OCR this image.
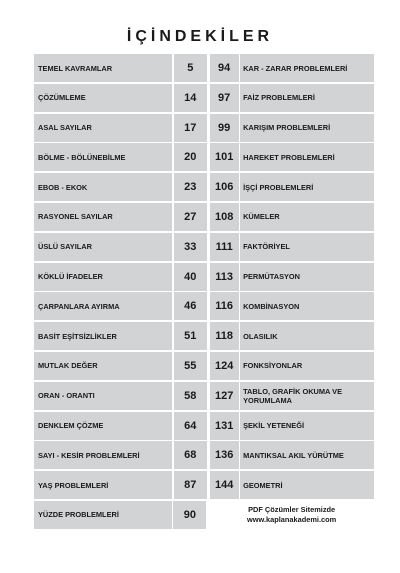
İÇİNDEKİLER
TEMEL KAVRAMLAR	5	94	KAR - ZARAR PROBLEMLERİ
ÇÖZÜMLEME	14	97	FAİZ PROBLEMLERİ
ASAL SAYILAR	17	99	KARIŞIM PROBLEMLERİ
BÖLME - BÖLÜNEBİLME	20	101	HAREKET PROBLEMLERİ
EBOB - EKOK	23	106	İŞÇİ PROBLEMLERİ
RASYONEL SAYILAR	27	108	KÜMELER
ÜSLÜ SAYILAR	33	111	FAKTÖRİYEL
KÖKLÜ İFADELER	40	113	PERMÜTASYON
ÇARPANLARA AYIRMA	46	116	KOMBİNASYON
BASİT EŞİTSİZLİKLER	51	118	OLASILIK
MUTLAK DEĞER	55	124	FONKSİYONLAR
ORAN - ORANTI	58	127	TABLO, GRAFİK OKUMA VE YORUMLAMA
DENKLEM ÇÖZME	64	131	ŞEKİL YETENEĞİ
SAYI - KESİR PROBLEMLERİ	68	136	MANTIKSAL AKIL YÜRÜTME
YAŞ PROBLEMLERİ	87	144	GEOMETRİ
YÜZDE PROBLEMLERİ	90	PDF Çözümler Sitemizde
www.kaplanakademi.com
